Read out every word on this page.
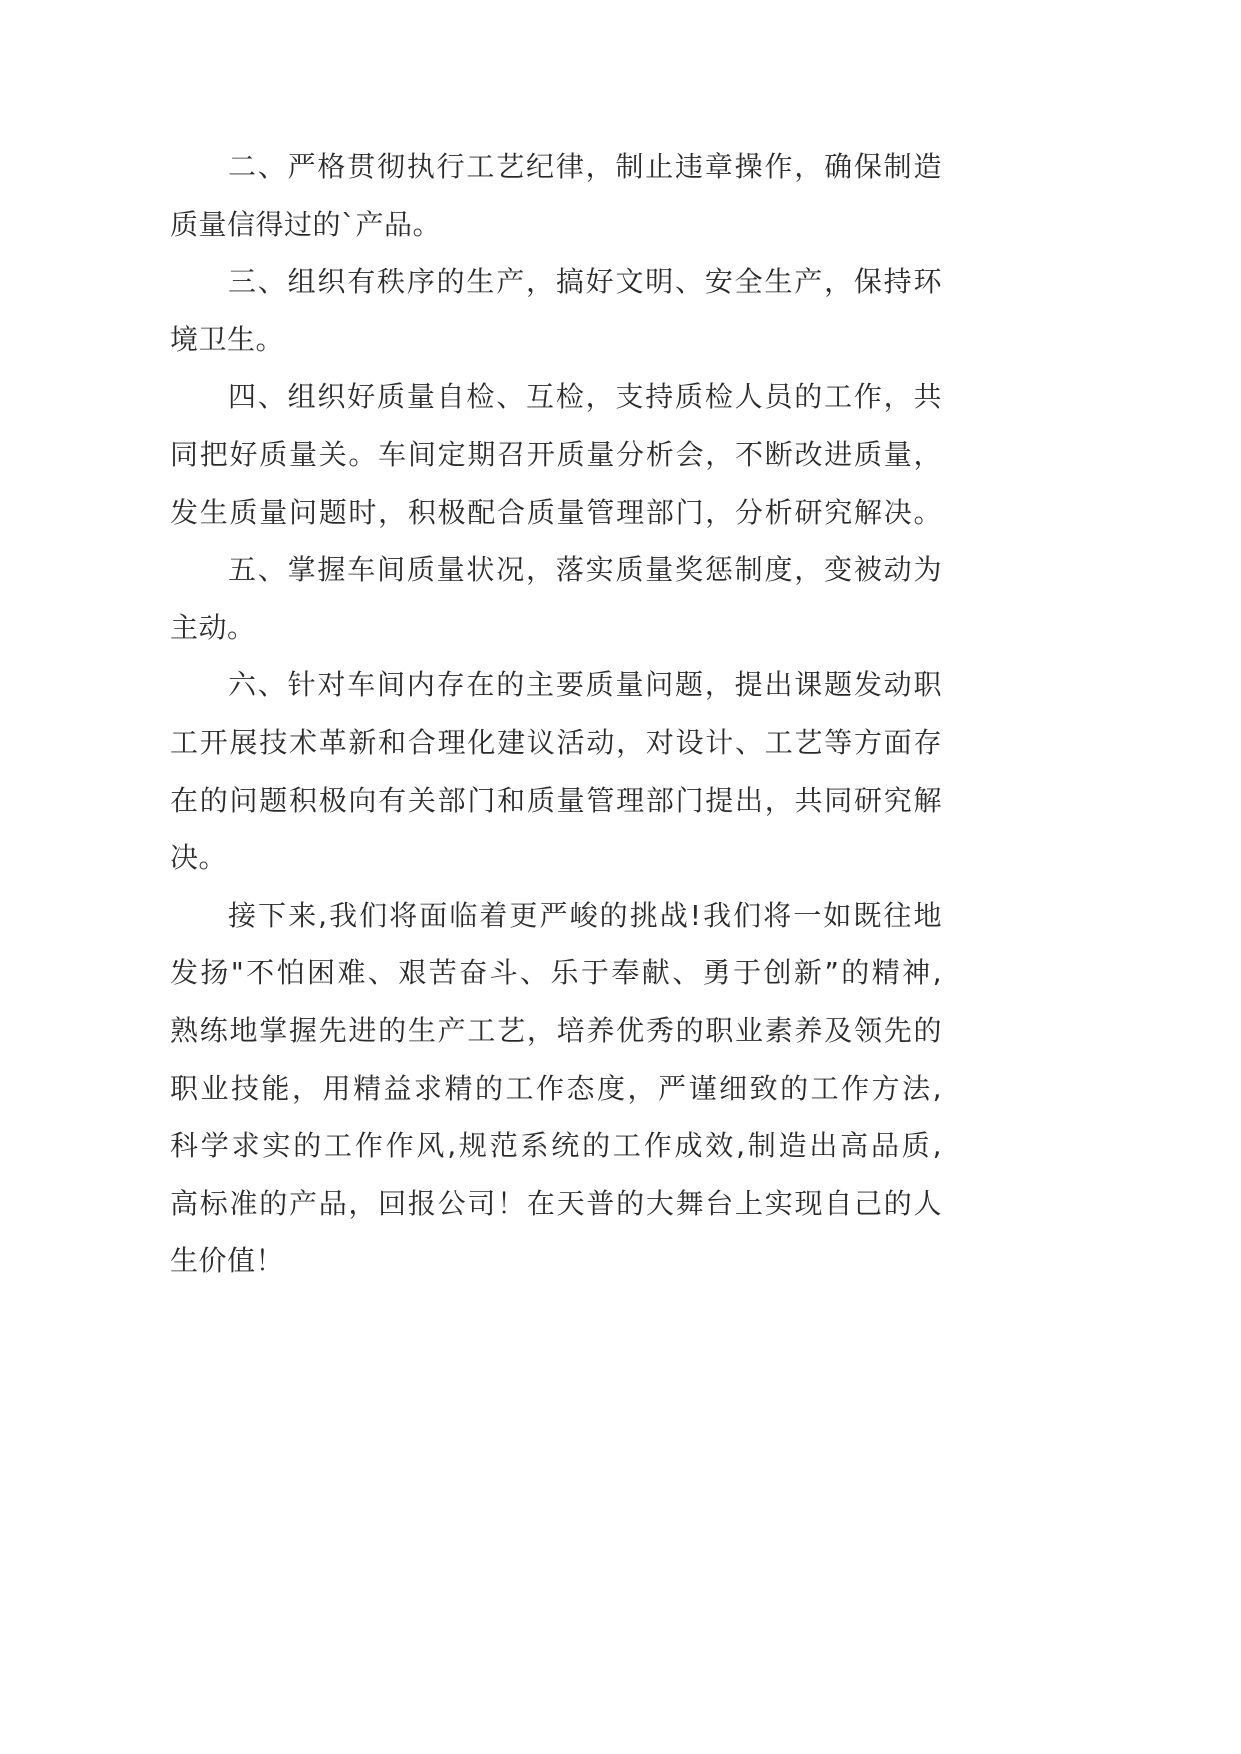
二、严格贯彻执行工艺纪律，制止违章操作，确保制造
质量信得过的`产品。
三、组织有秩序的生产，搞好文明、安全生产，保持环
境卫生。
四、组织好质量自检、互检，支持质检人员的工作，共
同把好质量关。车间定期召开质量分析会，不断改进质量，
发生质量问题时，积极配合质量管理部门，分析研究解决。
五、掌握车间质量状况，落实质量奖惩制度，变被动为
主动。
六、针对车间内存在的主要质量问题，提出课题发动职
工开展技术革新和合理化建议活动，对设计、工艺等方面存
在的问题积极向有关部门和质量管理部门提出，共同研究解
决。
接下来,我们将面临着更严峻的挑战!我们将一如既往地
发扬"不怕困难、艰苦奋斗、乐于奉献、勇于创新”的精神,
熟练地掌握先进的生产工艺，培养优秀的职业素养及领先的
职业技能，用精益求精的工作态度，严谨细致的工作方法,
科学求实的工作作风,规范系统的工作成效,制造出高品质,
高标准的产品，回报公司！在天普的大舞台上实现自己的人
生价值！
